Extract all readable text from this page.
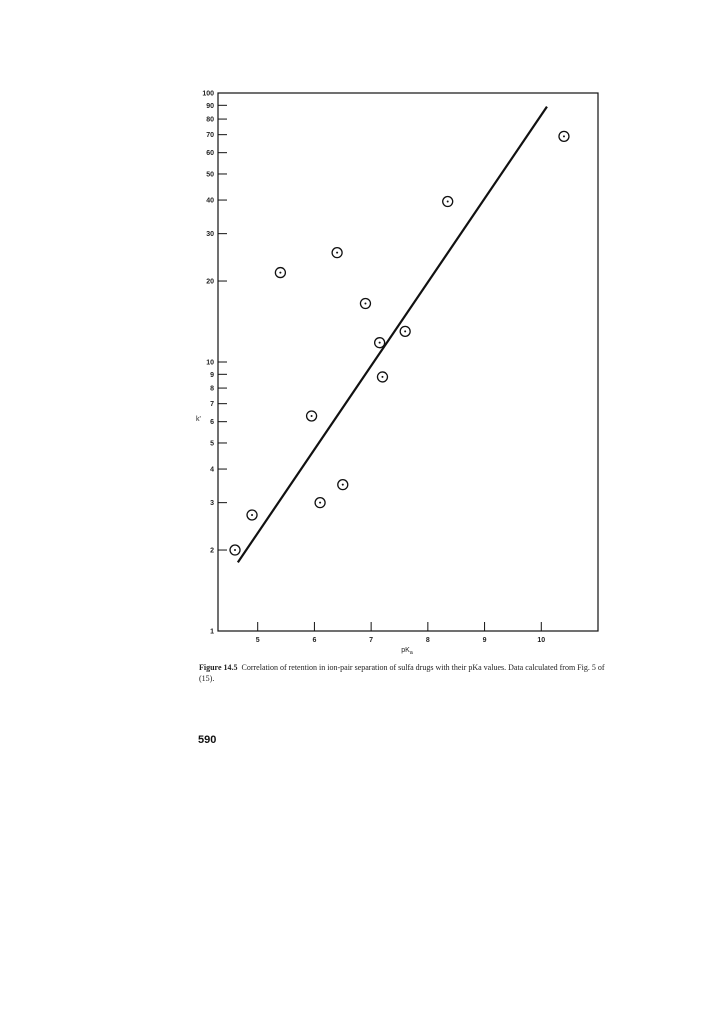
1
2
3
4
5
6
7
8
9
10
20
30
40
50
60
70
80
90
100
5	6	7	8	9	10
k'
$pK_a$
Figure 14.5 Correlation of retention in ion-pair separation of sulfa drugs with their pKa values. Data calculated from Fig. 5 of (15).
590
